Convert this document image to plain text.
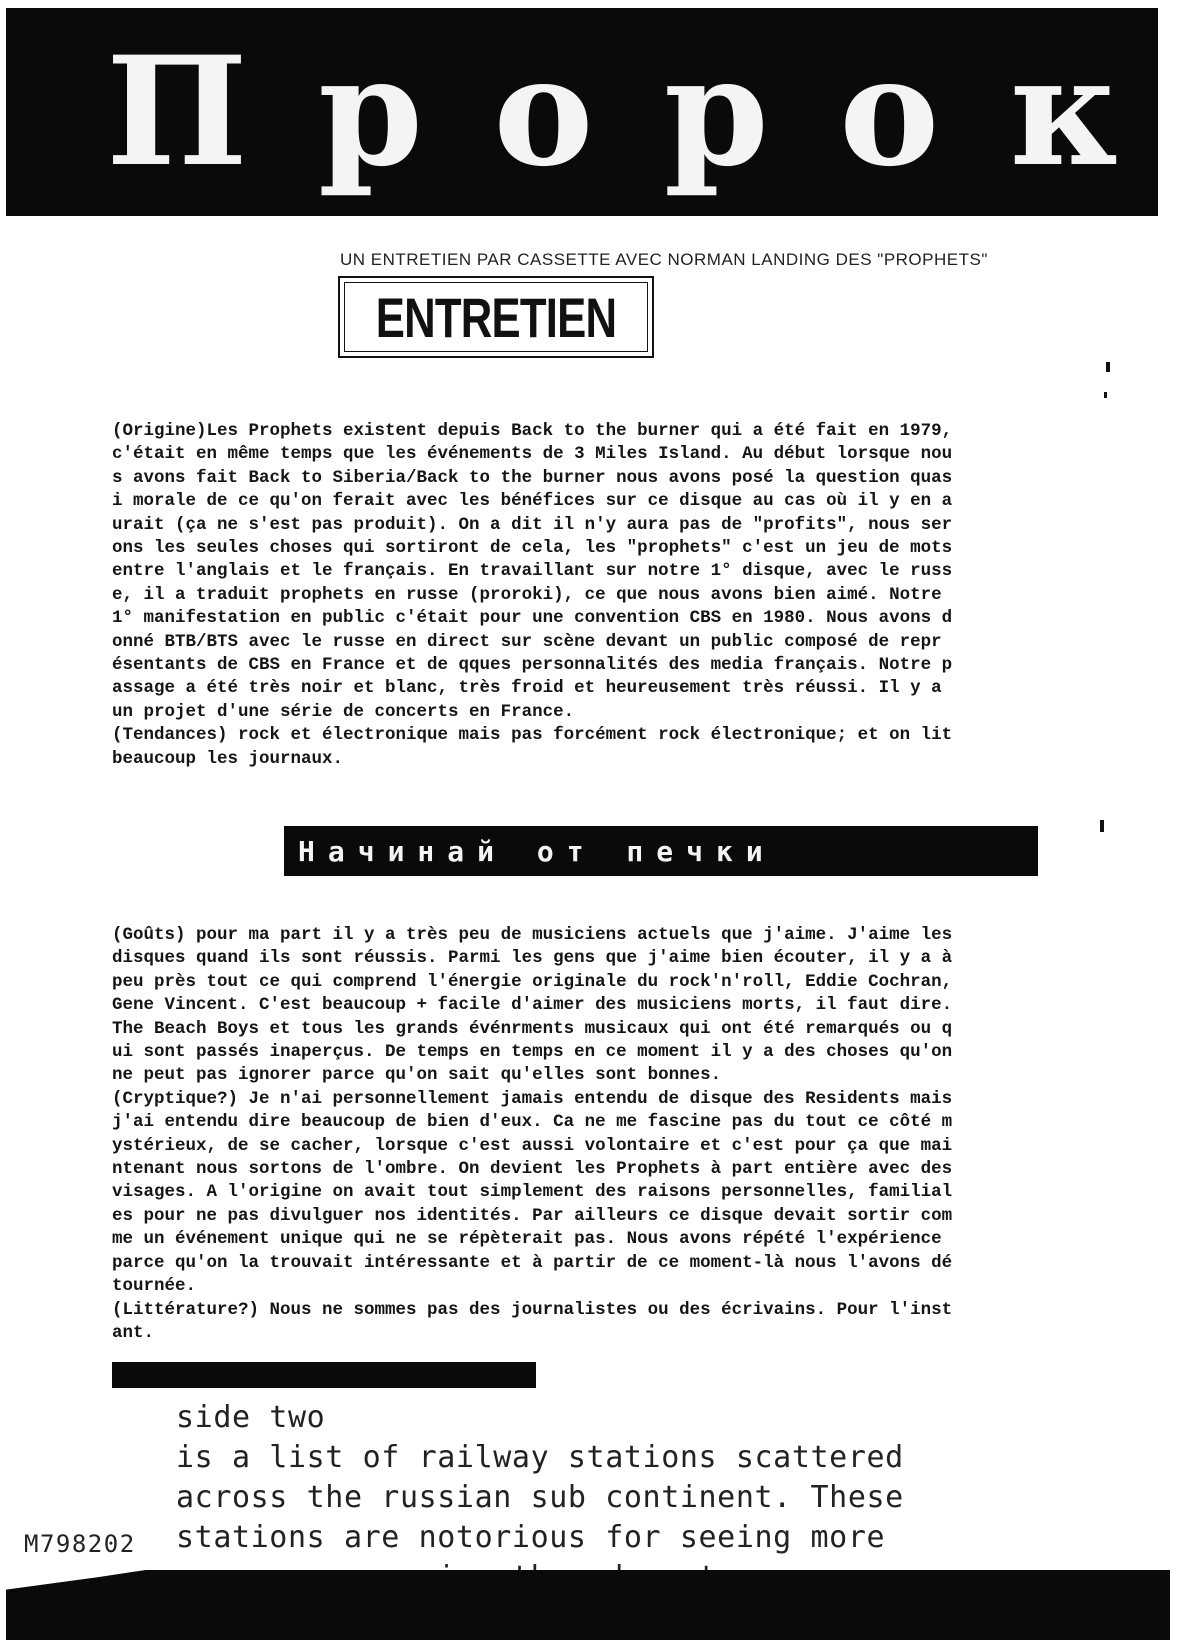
П р о р о к
UN ENTRETIEN PAR CASSETTE AVEC NORMAN LANDING DES "PROPHETS"
ENTRETIEN
(Origine)Les Prophets existent depuis Back to the burner qui a été fait en 1979,
c'était en même temps que les événements de 3 Miles Island. Au début lorsque nou
s avons fait Back to Siberia/Back to the burner nous avons posé la question quas
i morale de ce qu'on ferait avec les bénéfices sur ce disque au cas où il y en a
urait (ça ne s'est pas produit). On a dit il n'y aura pas de "profits", nous ser
ons les seules choses qui sortiront de cela, les "prophets" c'est un jeu de mots
entre l'anglais et le français. En travaillant sur notre 1° disque, avec le russ
e, il a traduit prophets en russe (proroki), ce que nous avons bien aimé. Notre
1° manifestation en public c'était pour une convention CBS en 1980. Nous avons d
onné BTB/BTS avec le russe en direct sur scène devant un public composé de repr
ésentants de CBS en France et de qques personnalités des media français. Notre p
assage a été très noir et blanc, très froid et heureusement très réussi. Il y a
un projet d'une série de concerts en France.
(Tendances) rock et électronique mais pas forcément rock électronique; et on lit
beaucoup les journaux.
Начинай от печки
(Goûts) pour ma part il y a très peu de musiciens actuels que j'aime. J'aime les
disques quand ils sont réussis. Parmi les gens que j'aime bien écouter, il y a à
peu près tout ce qui comprend l'énergie originale du rock'n'roll, Eddie Cochran,
Gene Vincent. C'est beaucoup + facile d'aimer des musiciens morts, il faut dire.
The Beach Boys et tous les grands événrments musicaux qui ont été remarqués ou q
ui sont passés inaperçus. De temps en temps en ce moment il y a des choses qu'on
ne peut pas ignorer parce qu'on sait qu'elles sont bonnes.
(Cryptique?) Je n'ai personnellement jamais entendu de disque des Residents mais
j'ai entendu dire beaucoup de bien d'eux. Ca ne me fascine pas du tout ce côté m
ystérieux, de se cacher, lorsque c'est aussi volontaire et c'est pour ça que mai
ntenant nous sortons de l'ombre. On devient les Prophets à part entière avec des
visages. A l'origine on avait tout simplement des raisons personnelles, familial
es pour ne pas divulguer nos identités. Par ailleurs ce disque devait sortir com
me un événement unique qui ne se répèterait pas. Nous avons répété l'expérience
parce qu'on la trouvait intéressante et à partir de ce moment-là nous l'avons dé
tournée.
(Littérature?) Nous ne sommes pas des journalistes ou des écrivains. Pour l'inst
ant.
side two
is a list of railway stations scattered
across the russian sub continent. These
stations are notorious for seeing more

M798202
